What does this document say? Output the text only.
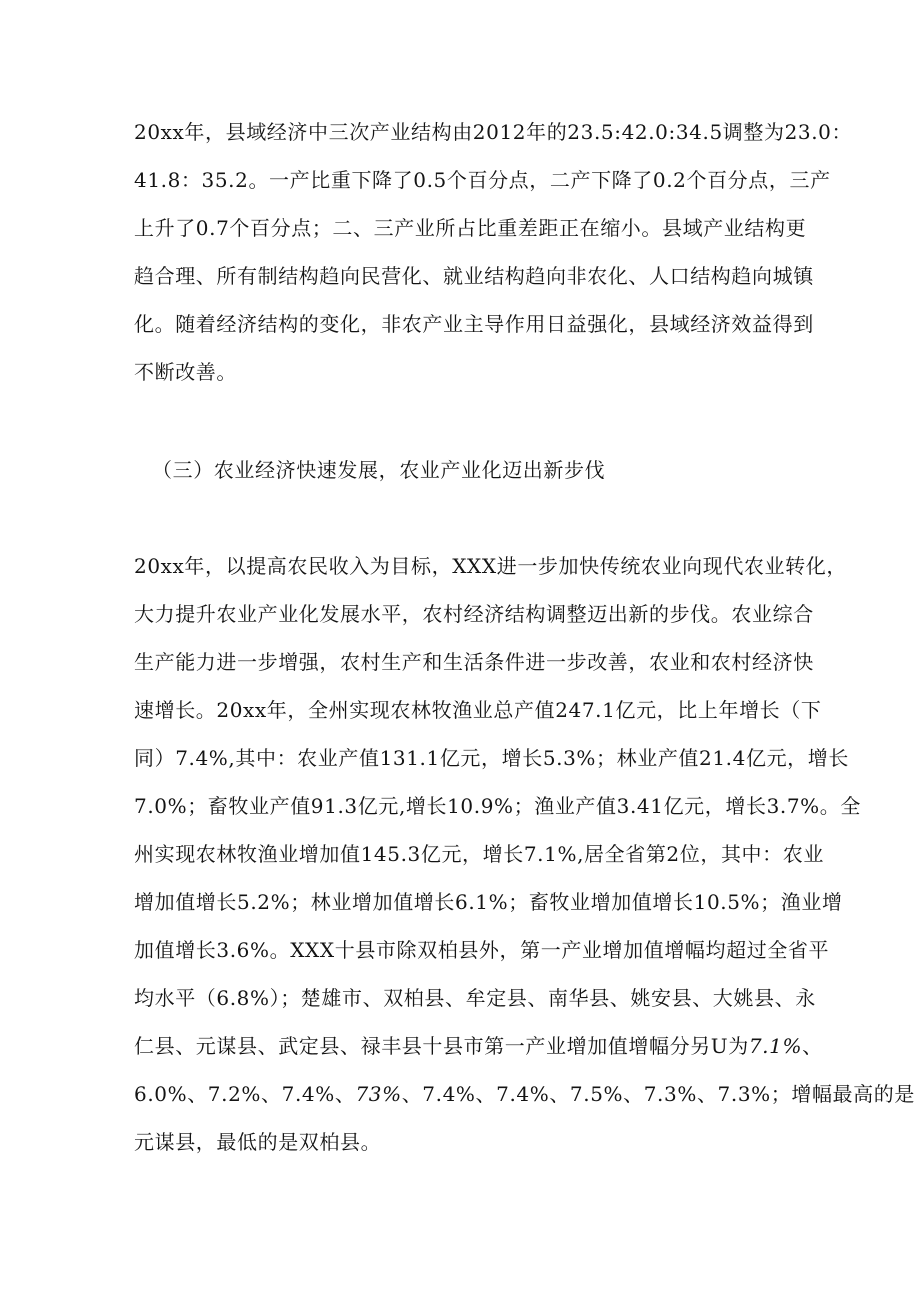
20xx年，县域经济中三次产业结构由2012年的23.5:42.0:34.5调整为23.0：
41.8：35.2。一产比重下降了0.5个百分点，二产下降了0.2个百分点，三产
上升了0.7个百分点；二、三产业所占比重差距正在缩小。县域产业结构更
趋合理、所有制结构趋向民营化、就业结构趋向非农化、人口结构趋向城镇
化。随着经济结构的变化，非农产业主导作用日益强化，县域经济效益得到
不断改善。
（三）农业经济快速发展，农业产业化迈出新步伐
20xx年，以提高农民收入为目标，XXX进一步加快传统农业向现代农业转化，
大力提升农业产业化发展水平，农村经济结构调整迈出新的步伐。农业综合
生产能力进一步增强，农村生产和生活条件进一步改善，农业和农村经济快
速增长。20xx年，全州实现农林牧渔业总产值247.1亿元，比上年增长（下
同）7.4%,其中：农业产值131.1亿元，增长5.3%；林业产值21.4亿元，增长
7.0%；畜牧业产值91.3亿元,增长10.9%；渔业产值3.41亿元，增长3.7%。全
州实现农林牧渔业增加值145.3亿元，增长7.1%,居全省第2位，其中：农业
增加值增长5.2%；林业增加值增长6.1%；畜牧业增加值增长10.5%；渔业增
加值增长3.6%。XXX十县市除双柏县外，第一产业增加值增幅均超过全省平
均水平（6.8%）；楚雄市、双柏县、牟定县、南华县、姚安县、大姚县、永
仁县、元谋县、武定县、禄丰县十县市第一产业增加值增幅分另U为7.1%、
6.0%、7.2%、7.4%、73%、7.4%、7.4%、7.5%、7.3%、7.3%；增幅最高的是
元谋县，最低的是双柏县。
